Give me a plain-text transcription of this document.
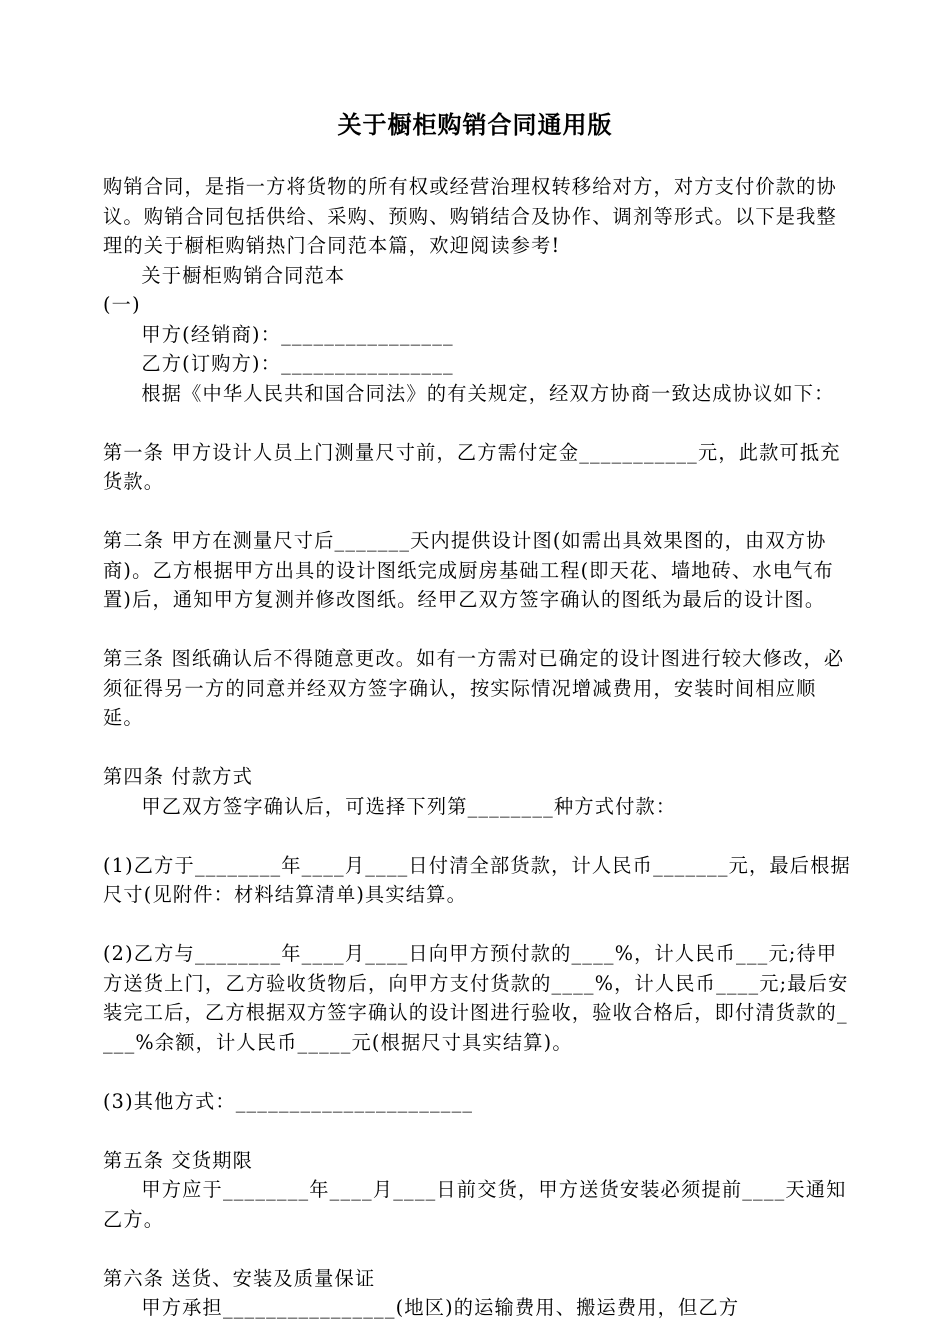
关于橱柜购销合同通用版

购销合同，是指一方将货物的所有权或经营治理权转移给对方，对方支付价款的协议。购销合同包括供给、采购、预购、购销结合及协作、调剂等形式。以下是我整理的关于橱柜购销热门合同范本篇，欢迎阅读参考!

关于橱柜购销合同范本

(一)

甲方(经销商)：________________

乙方(订购方)：________________

根据《中华人民共和国合同法》的有关规定，经双方协商一致达成协议如下：

第一条 甲方设计人员上门测量尺寸前，乙方需付定金___________元，此款可抵充货款。

第二条 甲方在测量尺寸后_______天内提供设计图(如需出具效果图的，由双方协商)。乙方根据甲方出具的设计图纸完成厨房基础工程(即天花、墙地砖、水电气布置)后，通知甲方复测并修改图纸。经甲乙双方签字确认的图纸为最后的设计图。

第三条 图纸确认后不得随意更改。如有一方需对已确定的设计图进行较大修改，必须征得另一方的同意并经双方签字确认，按实际情况增减费用，安装时间相应顺延。

第四条 付款方式

甲乙双方签字确认后，可选择下列第________种方式付款：

(1)乙方于________年____月____日付清全部货款，计人民币_______元，最后根据尺寸(见附件：材料结算清单)具实结算。

(2)乙方与________年____月____日向甲方预付款的____%，计人民币___元;待甲方送货上门，乙方验收货物后，向甲方支付货款的____%，计人民币____元;最后安装完工后，乙方根据双方签字确认的设计图进行验收，验收合格后，即付清货款的____%余额，计人民币_____元(根据尺寸具实结算)。

(3)其他方式：______________________

第五条 交货期限

甲方应于________年____月____日前交货，甲方送货安装必须提前____天通知乙方。

第六条 送货、安装及质量保证

甲方承担________________(地区)的运输费用、搬运费用，但乙方
